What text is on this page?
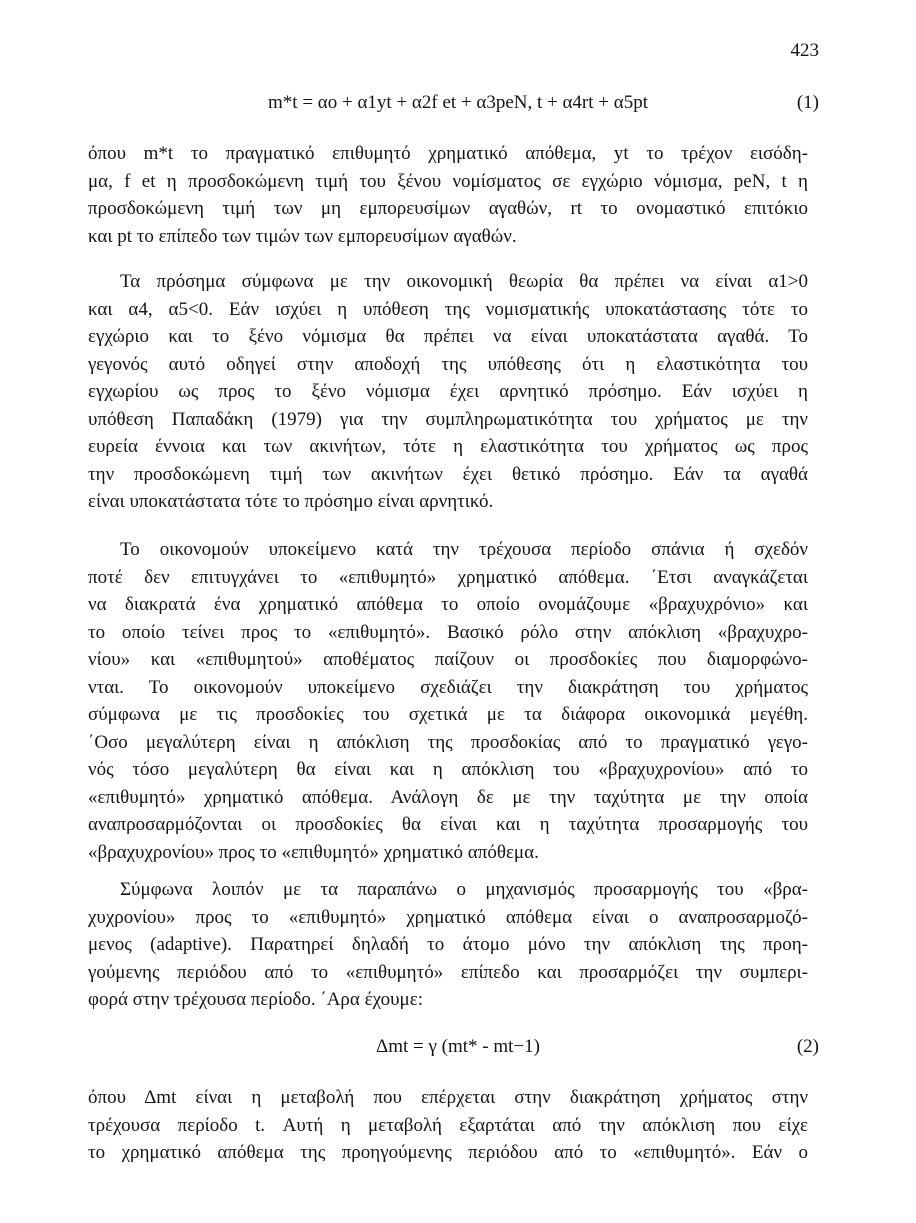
423
m*t = αo + α1yt + α2f et + α3peN, t + α4rt + α5pt	(1)
όπου m*t το πραγματικό επιθυμητό χρηματικό απόθεμα, yt το τρέχον εισόδη-
μα, f et η προσδοκώμενη τιμή του ξένου νομίσματος σε εγχώριο νόμισμα, peN, t η
προσδοκώμενη τιμή των μη εμπορευσίμων αγαθών, rt το ονομαστικό επιτόκιο
και pt το επίπεδο των τιμών των εμπορευσίμων αγαθών.
Τα πρόσημα σύμφωνα με την οικονομική θεωρία θα πρέπει να είναι α1>0
και α4, α5<0. Εάν ισχύει η υπόθεση της νομισματικής υποκατάστασης τότε το
εγχώριο και το ξένο νόμισμα θα πρέπει να είναι υποκατάστατα αγαθά. Το
γεγονός αυτό οδηγεί στην αποδοχή της υπόθεσης ότι η ελαστικότητα του
εγχωρίου ως προς το ξένο νόμισμα έχει αρνητικό πρόσημο. Εάν ισχύει η
υπόθεση Παπαδάκη (1979) για την συμπληρωματικότητα του χρήματος με την
ευρεία έννοια και των ακινήτων, τότε η ελαστικότητα του χρήματος ως προς
την προσδοκώμενη τιμή των ακινήτων έχει θετικό πρόσημο. Εάν τα αγαθά
είναι υποκατάστατα τότε το πρόσημο είναι αρνητικό.
Το οικονομούν υποκείμενο κατά την τρέχουσα περίοδο σπάνια ή σχεδόν
ποτέ δεν επιτυγχάνει το «επιθυμητό» χρηματικό απόθεμα. ΄Ετσι αναγκάζεται
να διακρατά ένα χρηματικό απόθεμα το οποίο ονομάζουμε «βραχυχρόνιο» και
το οποίο τείνει προς το «επιθυμητό». Βασικό ρόλο στην απόκλιση «βραχυχρο-
νίου» και «επιθυμητού» αποθέματος παίζουν οι προσδοκίες που διαμορφώνο-
νται. Το οικονομούν υποκείμενο σχεδιάζει την διακράτηση του χρήματος
σύμφωνα με τις προσδοκίες του σχετικά με τα διάφορα οικονομικά μεγέθη.
΄Οσο μεγαλύτερη είναι η απόκλιση της προσδοκίας από το πραγματικό γεγο-
νός τόσο μεγαλύτερη θα είναι και η απόκλιση του «βραχυχρονίου» από το
«επιθυμητό» χρηματικό απόθεμα. Ανάλογη δε με την ταχύτητα με την οποία
αναπροσαρμόζονται οι προσδοκίες θα είναι και η ταχύτητα προσαρμογής του
«βραχυχρονίου» προς το «επιθυμητό» χρηματικό απόθεμα.
Σύμφωνα λοιπόν με τα παραπάνω ο μηχανισμός προσαρμογής του «βρα-
χυχρονίου» προς το «επιθυμητό» χρηματικό απόθεμα είναι ο αναπροσαρμοζό-
μενος (adaptive). Παρατηρεί δηλαδή το άτομο μόνο την απόκλιση της προη-
γούμενης περιόδου από το «επιθυμητό» επίπεδο και προσαρμόζει την συμπερι-
φορά στην τρέχουσα περίοδο. ΄Αρα έχουμε:
Δmt = γ (mt* - mt−1)	(2)
όπου Δmt είναι η μεταβολή που επέρχεται στην διακράτηση χρήματος στην
τρέχουσα περίοδο t. Αυτή η μεταβολή εξαρτάται από την απόκλιση που είχε
το χρηματικό απόθεμα της προηγούμενης περιόδου από το «επιθυμητό». Εάν ο
